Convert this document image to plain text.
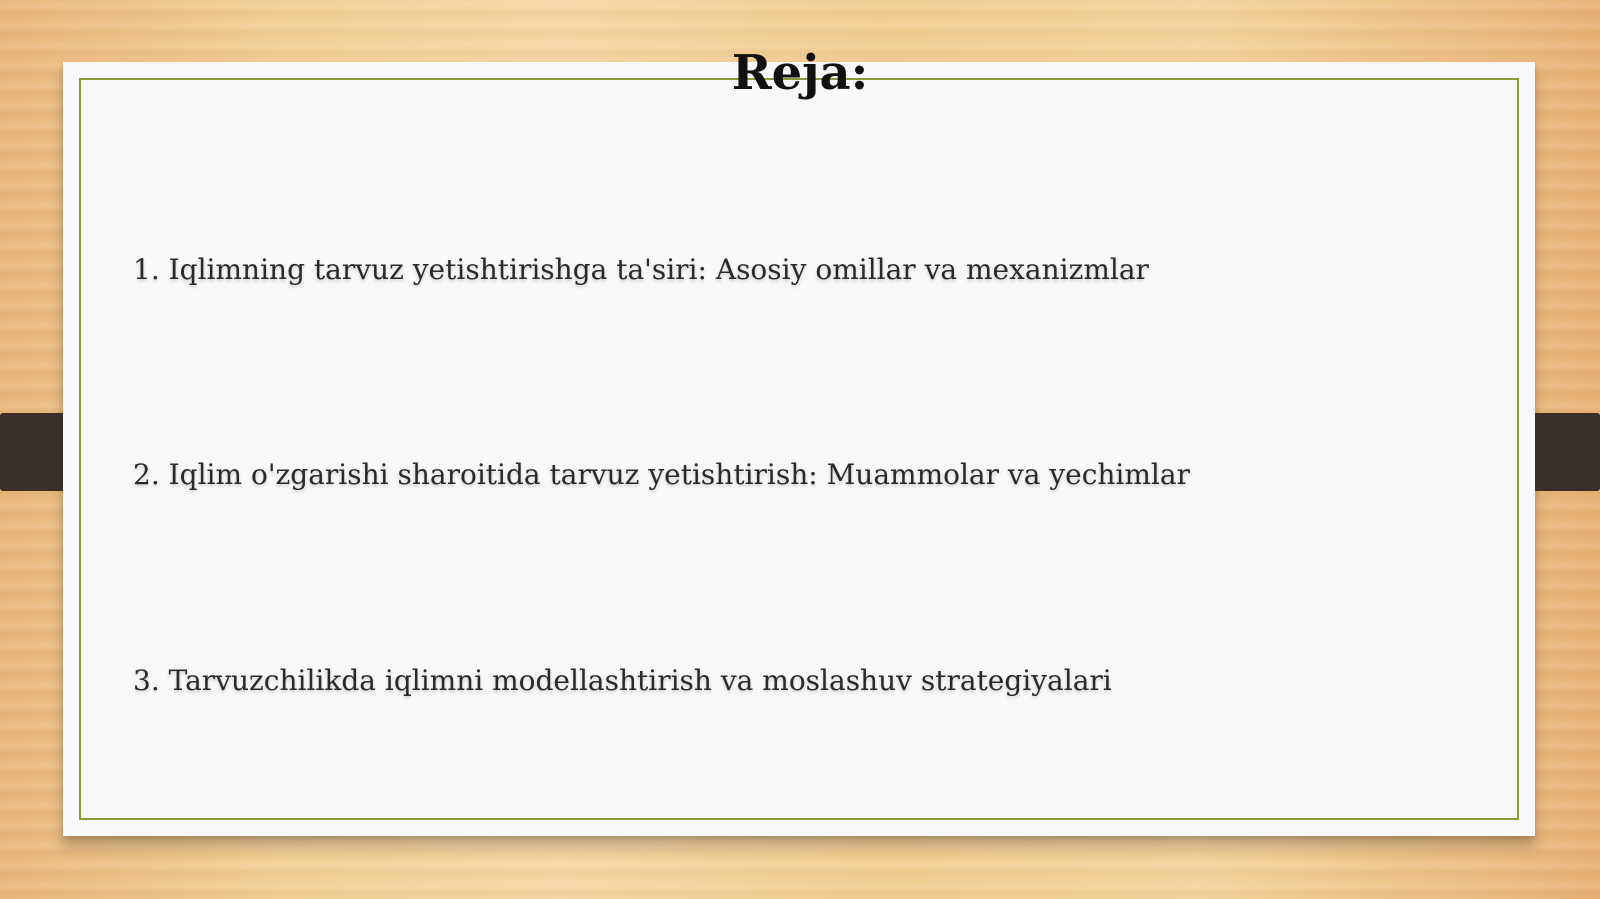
Reja:
1. Iqlimning tarvuz yetishtirishga ta'siri: Asosiy omillar va mexanizmlar
2. Iqlim o'zgarishi sharoitida tarvuz yetishtirish: Muammolar va yechimlar
3. Tarvuzchilikda iqlimni modellashtirish va moslashuv strategiyalari
